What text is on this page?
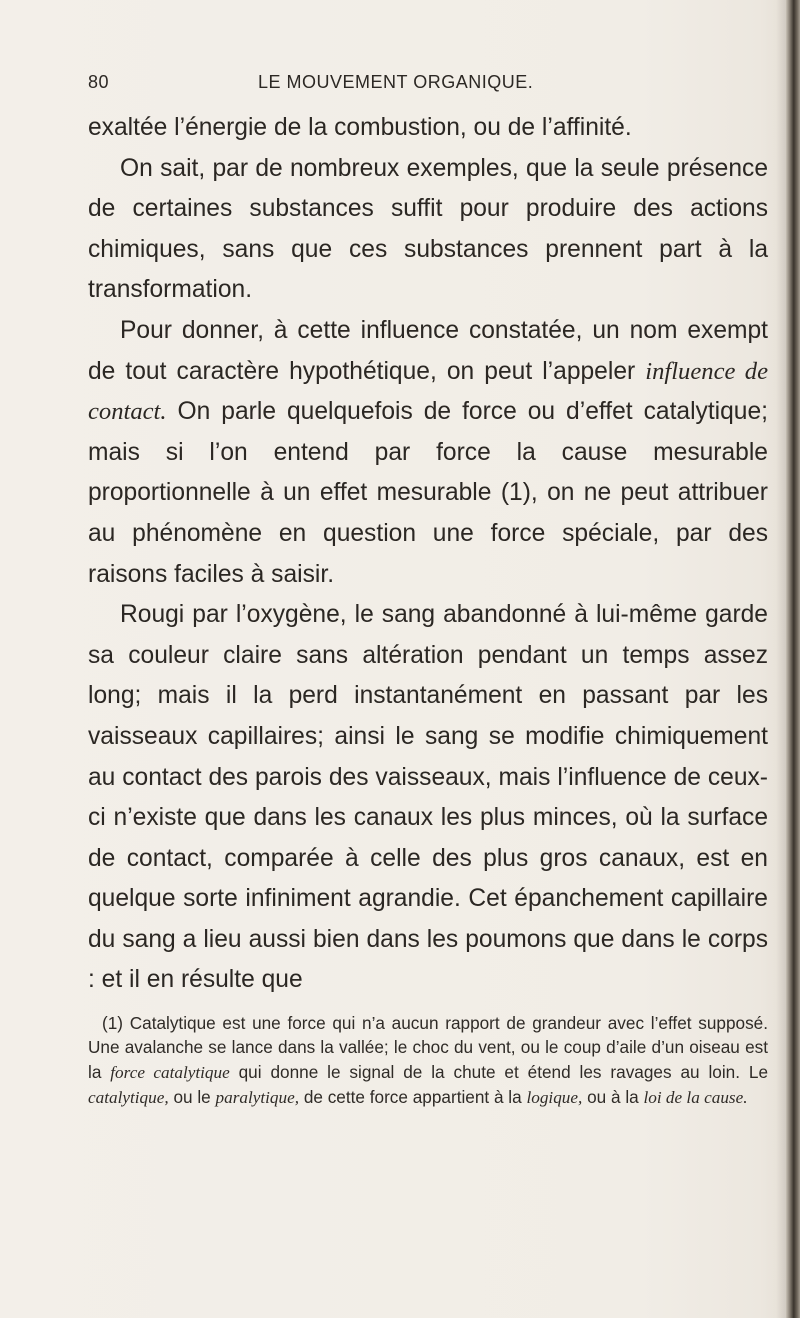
80	LE MOUVEMENT ORGANIQUE.

exaltée l’énergie de la combustion, ou de l’affinité.

On sait, par de nombreux exemples, que la seule présence de certaines substances suffit pour produire des actions chimiques, sans que ces substances prennent part à la transformation.

Pour donner, à cette influence constatée, un nom exempt de tout caractère hypothétique, on peut l’appeler influence de contact. On parle quelquefois de force ou d’effet catalytique; mais si l’on entend par force la cause mesurable proportionnelle à un effet mesurable (1), on ne peut attribuer au phénomène en question une force spéciale, par des raisons faciles à saisir.

Rougi par l’oxygène, le sang abandonné à lui-même garde sa couleur claire sans altération pendant un temps assez long; mais il la perd instantanément en passant par les vaisseaux capillaires; ainsi le sang se modifie chimiquement au contact des parois des vaisseaux, mais l’influence de ceux-ci n’existe que dans les canaux les plus minces, où la surface de contact, comparée à celle des plus gros canaux, est en quelque sorte infiniment agrandie. Cet épanchement capillaire du sang a lieu aussi bien dans les poumons que dans le corps : et il en résulte que

(1) Catalytique est une force qui n’a aucun rapport de grandeur avec l’effet supposé. Une avalanche se lance dans la vallée; le choc du vent, ou le coup d’aile d’un oiseau est la force catalytique qui donne le signal de la chute et étend les ravages au loin. Le catalytique, ou le paralytique, de cette force appartient à la logique, ou à la loi de la cause.
